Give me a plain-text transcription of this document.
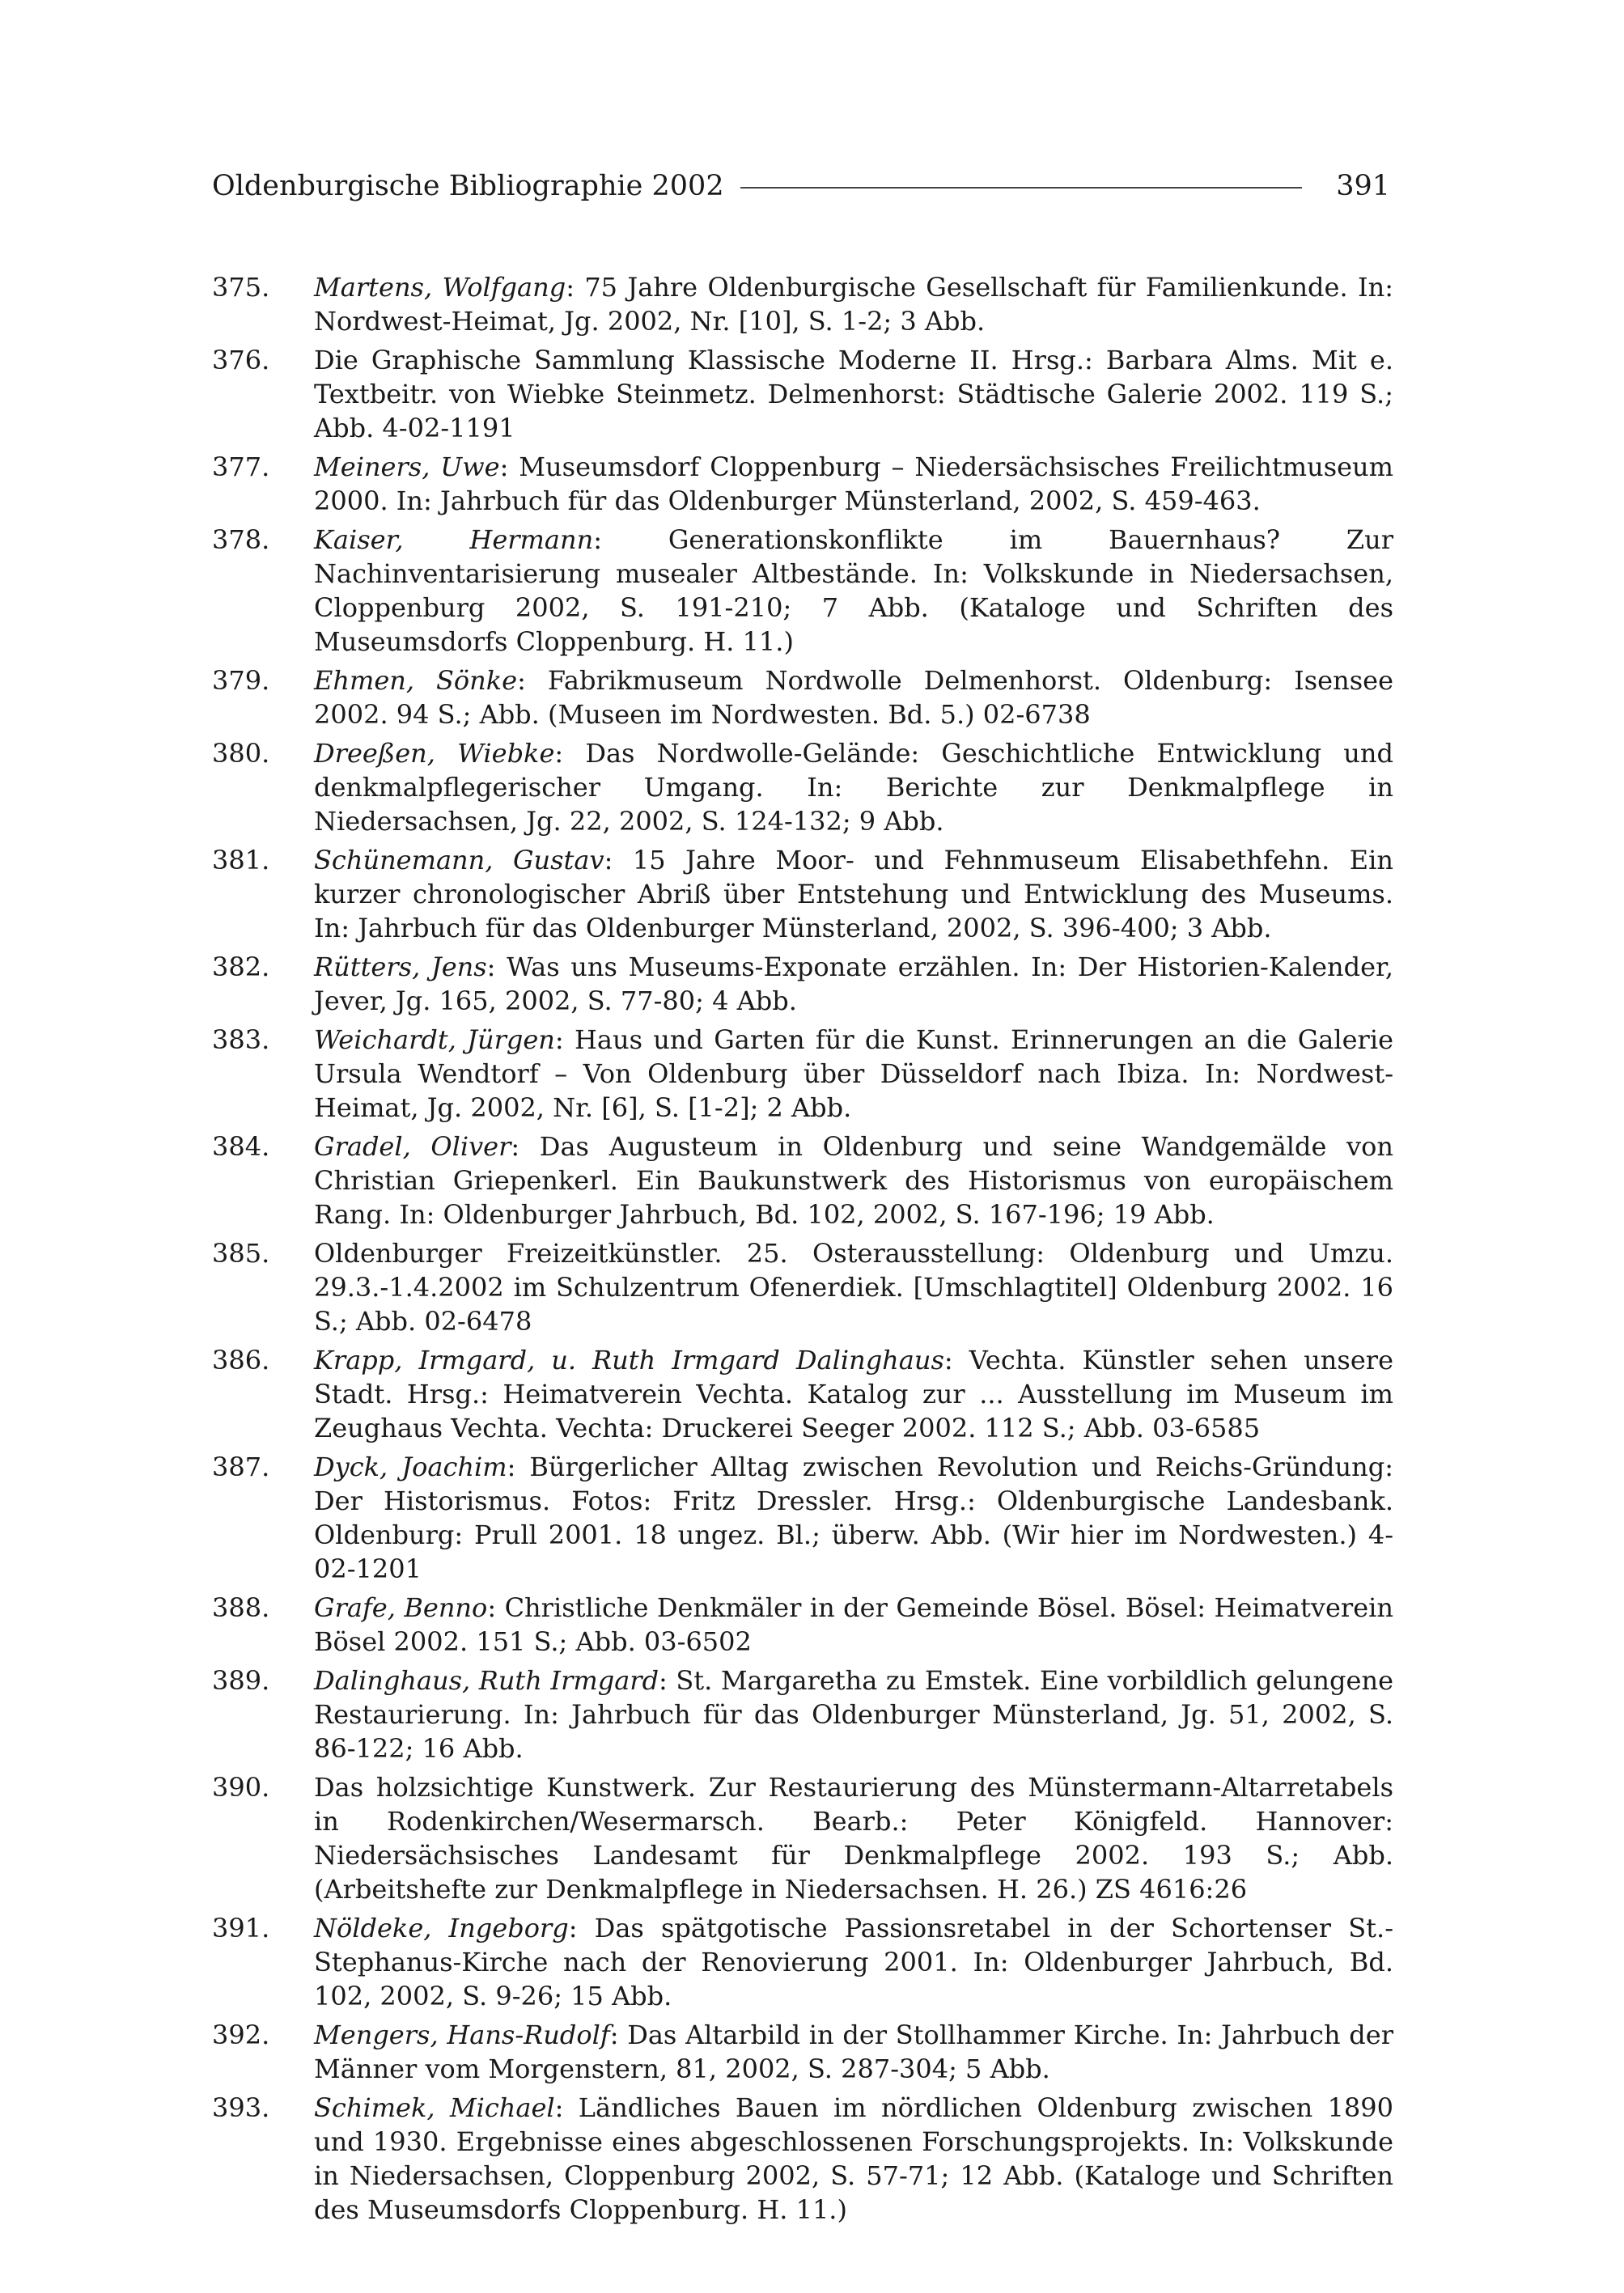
Oldenburgische Bibliographie 2002	391
375.	Martens, Wolfgang: 75 Jahre Oldenburgische Gesellschaft für Familienkunde. In: Nordwest-Heimat, Jg. 2002, Nr. [10], S. 1-2; 3 Abb.
376.	Die Graphische Sammlung Klassische Moderne II. Hrsg.: Barbara Alms. Mit e. Textbeitr. von Wiebke Steinmetz. Delmenhorst: Städtische Galerie 2002. 119 S.; Abb. 4-02-1191
377.	Meiners, Uwe: Museumsdorf Cloppenburg – Niedersächsisches Freilichtmuseum 2000. In: Jahrbuch für das Oldenburger Münsterland, 2002, S. 459-463.
378.	Kaiser, Hermann: Generationskonflikte im Bauernhaus? Zur Nachinventarisierung musealer Altbestände. In: Volkskunde in Niedersachsen, Cloppenburg 2002, S. 191-210; 7 Abb. (Kataloge und Schriften des Museumsdorfs Cloppenburg. H. 11.)
379.	Ehmen, Sönke: Fabrikmuseum Nordwolle Delmenhorst. Oldenburg: Isensee 2002. 94 S.; Abb. (Museen im Nordwesten. Bd. 5.) 02-6738
380.	Dreeßen, Wiebke: Das Nordwolle-Gelände: Geschichtliche Entwicklung und denkmalpflegerischer Umgang. In: Berichte zur Denkmalpflege in Niedersachsen, Jg. 22, 2002, S. 124-132; 9 Abb.
381.	Schünemann, Gustav: 15 Jahre Moor- und Fehnmuseum Elisabethfehn. Ein kurzer chronologischer Abriß über Entstehung und Entwicklung des Museums. In: Jahrbuch für das Oldenburger Münsterland, 2002, S. 396-400; 3 Abb.
382.	Rütters, Jens: Was uns Museums-Exponate erzählen. In: Der Historien-Kalender, Jever, Jg. 165, 2002, S. 77-80; 4 Abb.
383.	Weichardt, Jürgen: Haus und Garten für die Kunst. Erinnerungen an die Galerie Ursula Wendtorf – Von Oldenburg über Düsseldorf nach Ibiza. In: Nordwest-Heimat, Jg. 2002, Nr. [6], S. [1-2]; 2 Abb.
384.	Gradel, Oliver: Das Augusteum in Oldenburg und seine Wandgemälde von Christian Griepenkerl. Ein Baukunstwerk des Historismus von europäischem Rang. In: Oldenburger Jahrbuch, Bd. 102, 2002, S. 167-196; 19 Abb.
385.	Oldenburger Freizeitkünstler. 25. Osterausstellung: Oldenburg und Umzu. 29.3.-1.4.2002 im Schulzentrum Ofenerdiek. [Umschlagtitel] Oldenburg 2002. 16 S.; Abb. 02-6478
386.	Krapp, Irmgard, u. Ruth Irmgard Dalinghaus: Vechta. Künstler sehen unsere Stadt. Hrsg.: Heimatverein Vechta. Katalog zur ... Ausstellung im Museum im Zeughaus Vechta. Vechta: Druckerei Seeger 2002. 112 S.; Abb. 03-6585
387.	Dyck, Joachim: Bürgerlicher Alltag zwischen Revolution und Reichs-Gründung: Der Historismus. Fotos: Fritz Dressler. Hrsg.: Oldenburgische Landesbank. Oldenburg: Prull 2001. 18 ungez. Bl.; überw. Abb. (Wir hier im Nordwesten.) 4-02-1201
388.	Grafe, Benno: Christliche Denkmäler in der Gemeinde Bösel. Bösel: Heimatverein Bösel 2002. 151 S.; Abb. 03-6502
389.	Dalinghaus, Ruth Irmgard: St. Margaretha zu Emstek. Eine vorbildlich gelungene Restaurierung. In: Jahrbuch für das Oldenburger Münsterland, Jg. 51, 2002, S. 86-122; 16 Abb.
390.	Das holzsichtige Kunstwerk. Zur Restaurierung des Münstermann-Altarretabels in Rodenkirchen/Wesermarsch. Bearb.: Peter Königfeld. Hannover: Niedersächsisches Landesamt für Denkmalpflege 2002. 193 S.; Abb. (Arbeitshefte zur Denkmalpflege in Niedersachsen. H. 26.) ZS 4616:26
391.	Nöldeke, Ingeborg: Das spätgotische Passionsretabel in der Schortenser St.-Stephanus-Kirche nach der Renovierung 2001. In: Oldenburger Jahrbuch, Bd. 102, 2002, S. 9-26; 15 Abb.
392.	Mengers, Hans-Rudolf: Das Altarbild in der Stollhammer Kirche. In: Jahrbuch der Männer vom Morgenstern, 81, 2002, S. 287-304; 5 Abb.
393.	Schimek, Michael: Ländliches Bauen im nördlichen Oldenburg zwischen 1890 und 1930. Ergebnisse eines abgeschlossenen Forschungsprojekts. In: Volkskunde in Niedersachsen, Cloppenburg 2002, S. 57-71; 12 Abb. (Kataloge und Schriften des Museumsdorfs Cloppenburg. H. 11.)
